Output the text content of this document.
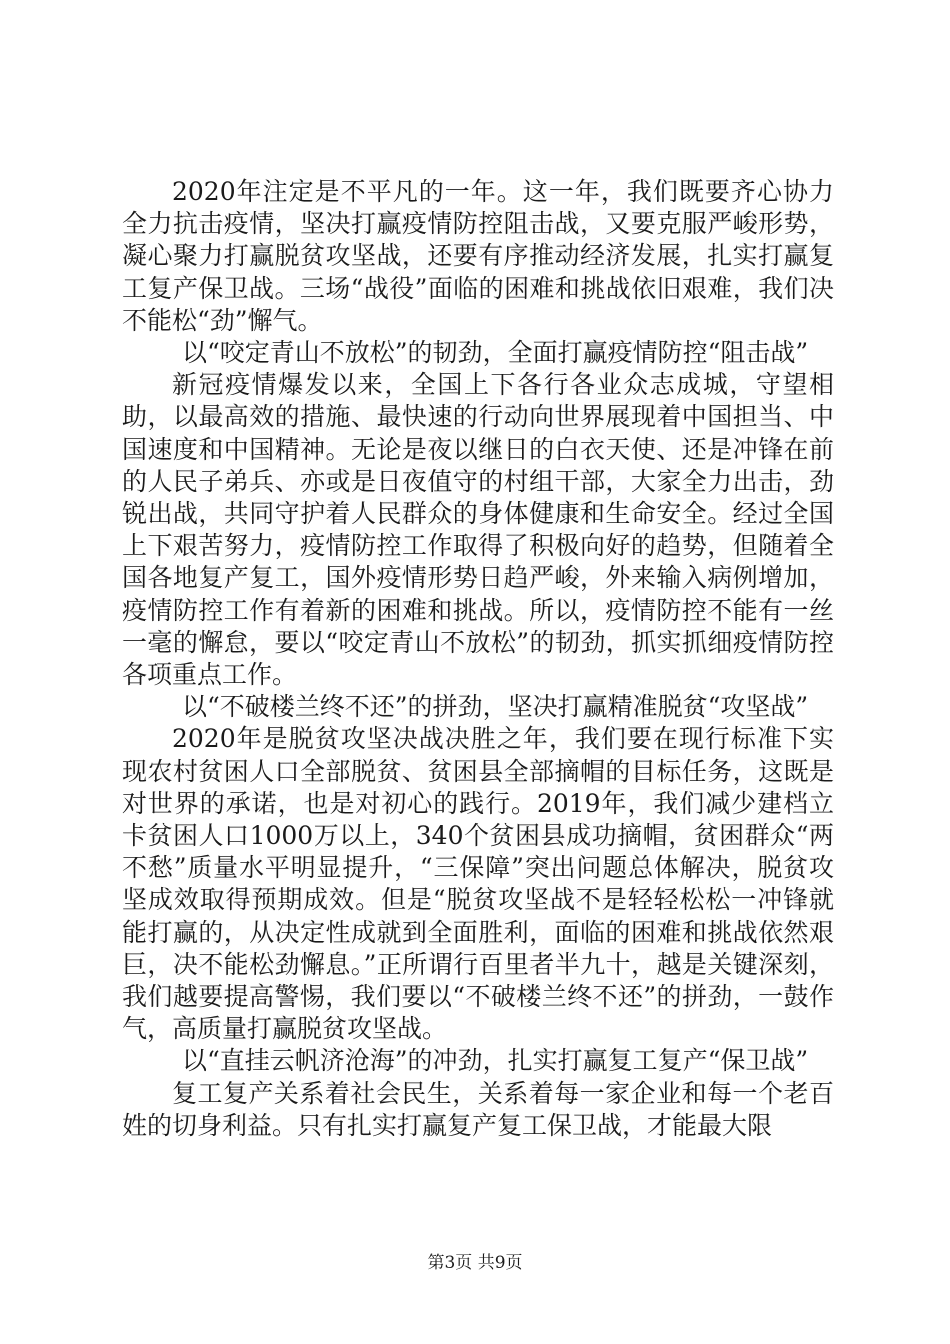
2020年注定是不平凡的一年。这一年，我们既要齐心协力全力抗击疫情，坚决打赢疫情防控阻击战，又要克服严峻形势，凝心聚力打赢脱贫攻坚战，还要有序推动经济发展，扎实打赢复工复产保卫战。三场“战役”面临的困难和挑战依旧艰难，我们决不能松“劲”懈气。

以“咬定青山不放松”的韧劲，全面打赢疫情防控“阻击战”

新冠疫情爆发以来，全国上下各行各业众志成城，守望相助，以最高效的措施、最快速的行动向世界展现着中国担当、中国速度和中国精神。无论是夜以继日的白衣天使、还是冲锋在前的人民子弟兵、亦或是日夜值守的村组干部，大家全力出击，劲锐出战，共同守护着人民群众的身体健康和生命安全。经过全国上下艰苦努力，疫情防控工作取得了积极向好的趋势，但随着全国各地复产复工，国外疫情形势日趋严峻，外来输入病例增加，疫情防控工作有着新的困难和挑战。所以，疫情防控不能有一丝一毫的懈怠，要以“咬定青山不放松”的韧劲，抓实抓细疫情防控各项重点工作。

以“不破楼兰终不还”的拼劲，坚决打赢精准脱贫“攻坚战”

2020年是脱贫攻坚决战决胜之年，我们要在现行标准下实现农村贫困人口全部脱贫、贫困县全部摘帽的目标任务，这既是对世界的承诺，也是对初心的践行。2019年，我们减少建档立卡贫困人口1000万以上，340个贫困县成功摘帽，贫困群众“两不愁”质量水平明显提升，“三保障”突出问题总体解决，脱贫攻坚成效取得预期成效。但是“脱贫攻坚战不是轻轻松松一冲锋就能打赢的，从决定性成就到全面胜利，面临的困难和挑战依然艰巨，决不能松劲懈息。”正所谓行百里者半九十，越是关键深刻，我们越要提高警惕，我们要以“不破楼兰终不还”的拼劲，一鼓作气，高质量打赢脱贫攻坚战。

以“直挂云帆济沧海”的冲劲，扎实打赢复工复产“保卫战”

复工复产关系着社会民生，关系着每一家企业和每一个老百姓的切身利益。只有扎实打赢复产复工保卫战，才能最大限

第3页 共9页
